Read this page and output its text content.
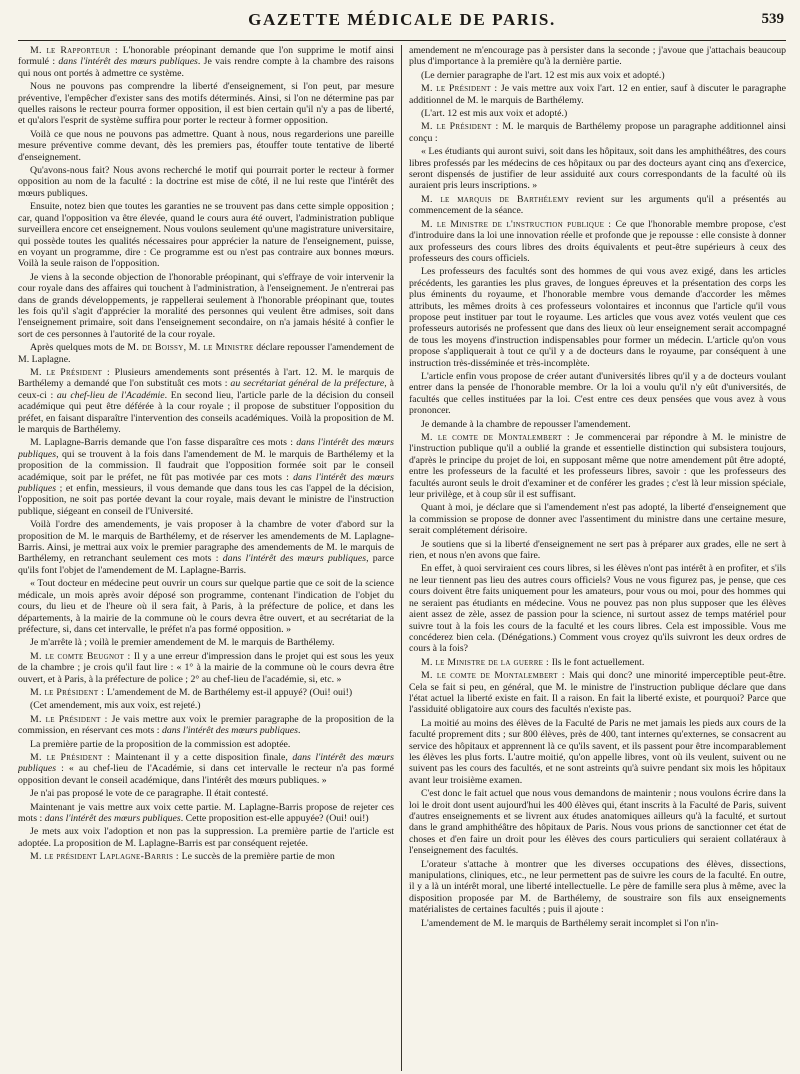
GAZETTE MÉDICALE DE PARIS.	539

M. le Rapporteur : L'honorable préopinant demande que l'on supprime le motif ainsi formulé : dans l'intérêt des mœurs publiques. Je vais rendre compte à la chambre des raisons qui nous ont portés à admettre ce système.

Nous ne pouvons pas comprendre la liberté d'enseignement, si l'on peut, par mesure préventive, l'empêcher d'exister sans des motifs déterminés. Ainsi, si l'on ne détermine pas par quelles raisons le recteur pourra former opposition, il est bien certain qu'il n'y a pas de liberté, et qu'alors l'esprit de système suffira pour porter le recteur à former opposition.

Voilà ce que nous ne pouvons pas admettre. Quant à nous, nous regarderions une pareille mesure préventive comme devant, dès les premiers pas, étouffer toute tentative de liberté d'enseignement.

Qu'avons-nous fait? Nous avons recherché le motif qui pourrait porter le recteur à former opposition au nom de la faculté : la doctrine est mise de côté, il ne lui reste que l'intérêt des mœurs publiques.

Ensuite, notez bien que toutes les garanties ne se trouvent pas dans cette simple opposition ; car, quand l'opposition va être élevée, quand le cours aura été ouvert, l'administration publique surveillera encore cet enseignement. Nous voulons seulement qu'une magistrature universitaire, qui possède toutes les qualités nécessaires pour apprécier la nature de l'enseignement, puisse, en voyant un programme, dire : Ce programme est ou n'est pas contraire aux bonnes mœurs. Voilà la seule raison de l'opposition.

Je viens à la seconde objection de l'honorable préopinant, qui s'effraye de voir intervenir la cour royale dans des affaires qui touchent à l'administration, à l'enseignement. Je n'entrerai pas dans de grands développements, je rappellerai seulement à l'honorable préopinant que, toutes les fois qu'il s'agit d'apprécier la moralité des personnes qui veulent être admises, soit dans l'enseignement primaire, soit dans l'enseignement secondaire, on n'a jamais hésité à confier le sort de ces personnes à l'autorité de la cour royale.

Après quelques mots de M. de Boissy, M. le Ministre déclare repousser l'amendement de M. Laplagne.

M. le Président : Plusieurs amendements sont présentés à l'art. 12. M. le marquis de Barthélemy a demandé que l'on substituât ces mots : au secrétariat général de la préfecture, à ceux-ci : au chef-lieu de l'Académie. En second lieu, l'article parle de la décision du conseil académique qui peut être déférée à la cour royale ; il propose de substituer l'opposition du préfet, en faisant disparaître l'intervention des conseils académiques. Voilà la proposition de M. le marquis de Barthélemy.

M. Laplagne-Barris demande que l'on fasse disparaître ces mots : dans l'intérêt des mœurs publiques, qui se trouvent à la fois dans l'amendement de M. le marquis de Barthélemy et la proposition de la commission. Il faudrait que l'opposition formée soit par le conseil académique, soit par le préfet, ne fût pas motivée par ces mots : dans l'intérêt des mœurs publiques ; et enfin, messieurs, il vous demande que dans tous les cas l'appel de la décision, l'opposition, ne soit pas portée devant la cour royale, mais devant le ministre de l'instruction publique, siégeant en conseil de l'Université.

Voilà l'ordre des amendements, je vais proposer à la chambre de voter d'abord sur la proposition de M. le marquis de Barthélemy, et de réserver les amendements de M. Laplagne-Barris. Ainsi, je mettrai aux voix le premier paragraphe des amendements de M. le marquis de Barthélemy, en retranchant seulement ces mots : dans l'intérêt des mœurs publiques, parce qu'ils font l'objet de l'amendement de M. Laplagne-Barris.

« Tout docteur en médecine peut ouvrir un cours sur quelque partie que ce soit de la science médicale, un mois après avoir déposé son programme, contenant l'indication de l'objet du cours, du lieu et de l'heure où il sera fait, à Paris, à la préfecture de police, et dans les départements, à la mairie de la commune où le cours devra être ouvert, et au secrétariat de la préfecture, si, dans cet intervalle, le préfet n'a pas formé opposition. »

Je m'arrête là ; voilà le premier amendement de M. le marquis de Barthélemy.

M. le comte Beugnot : Il y a une erreur d'impression dans le projet qui est sous les yeux de la chambre ; je crois qu'il faut lire : « 1° à la mairie de la commune où le cours devra être ouvert, et à Paris, à la préfecture de police ; 2° au chef-lieu de l'académie, si, etc. »

M. le Président : L'amendement de M. de Barthélemy est-il appuyé? (Oui! oui!)

(Cet amendement, mis aux voix, est rejeté.)

M. le Président : Je vais mettre aux voix le premier paragraphe de la proposition de la commission, en réservant ces mots : dans l'intérêt des mœurs publiques.

La première partie de la proposition de la commission est adoptée.

M. le Président : Maintenant il y a cette disposition finale, dans l'intérêt des mœurs publiques : « au chef-lieu de l'Académie, si dans cet intervalle le recteur n'a pas formé opposition devant le conseil académique, dans l'intérêt des mœurs publiques. »

Je n'ai pas proposé le vote de ce paragraphe. Il était contesté.

Maintenant je vais mettre aux voix cette partie. M. Laplagne-Barris propose de rejeter ces mots : dans l'intérêt des mœurs publiques. Cette proposition est-elle appuyée? (Oui! oui!)

Je mets aux voix l'adoption et non pas la suppression. La première partie de l'article est adoptée. La proposition de M. Laplagne-Barris est par conséquent rejetée.

M. le président Laplagne-Barris : Le succès de la première partie de mon

amendement ne m'encourage pas à persister dans la seconde ; j'avoue que j'attachais beaucoup plus d'importance à la première qu'à la dernière partie.

(Le dernier paragraphe de l'art. 12 est mis aux voix et adopté.)

M. le Président : Je vais mettre aux voix l'art. 12 en entier, sauf à discuter le paragraphe additionnel de M. le marquis de Barthélemy.

(L'art. 12 est mis aux voix et adopté.)

M. le Président : M. le marquis de Barthélemy propose un paragraphe additionnel ainsi conçu :

« Les étudiants qui auront suivi, soit dans les hôpitaux, soit dans les amphithéâtres, des cours libres professés par les médecins de ces hôpitaux ou par des docteurs ayant cinq ans d'exercice, seront dispensés de justifier de leur assiduité aux cours correspondants de la faculté où ils auraient pris leurs inscriptions. »

M. le marquis de Barthélemy revient sur les arguments qu'il a présentés au commencement de la séance.

M. le Ministre de l'instruction publique : Ce que l'honorable membre propose, c'est d'introduire dans la loi une innovation réelle et profonde que je repousse : elle consiste à donner aux professeurs des cours libres des droits équivalents et peut-être supérieurs à ceux des professeurs des cours officiels.

Les professeurs des facultés sont des hommes de qui vous avez exigé, dans les articles précédents, les garanties les plus graves, de longues épreuves et la présentation des corps les plus éminents du royaume, et l'honorable membre vous demande d'accorder les mêmes attributs, les mêmes droits à ces professeurs volontaires et inconnus que l'article qu'il vous propose peut instituer par tout le royaume. Les articles que vous avez votés veulent que ces professeurs autorisés ne professent que dans des lieux où leur enseignement serait accompagné de tous les moyens d'instruction indispensables pour former un médecin. L'article qu'on vous propose s'appliquerait à tout ce qu'il y a de docteurs dans le royaume, par conséquent à une instruction très-disséminée et très-incomplète.

L'article enfin vous propose de créer autant d'universités libres qu'il y a de docteurs voulant entrer dans la pensée de l'honorable membre. Or la loi a voulu qu'il n'y eût d'universités, de facultés que celles instituées par la loi. C'est entre ces deux pensées que vous avez à vous prononcer.

Je demande à la chambre de repousser l'amendement.

M. le comte de Montalembert : Je commencerai par répondre à M. le ministre de l'instruction publique qu'il a oublié la grande et essentielle distinction qui subsistera toujours, d'après le principe du projet de loi, en supposant même que notre amendement pût être adopté, entre les professeurs de la faculté et les professeurs libres, savoir : que les professeurs des facultés auront seuls le droit d'examiner et de conférer les grades ; c'est là leur mission spéciale, leur privilège, et à coup sûr il est suffisant.

Quant à moi, je déclare que si l'amendement n'est pas adopté, la liberté d'enseignement que la commission se propose de donner avec l'assentiment du ministre dans une certaine mesure, serait complétement dérisoire.

Je soutiens que si la liberté d'enseignement ne sert pas à préparer aux grades, elle ne sert à rien, et nous n'en avons que faire.

En effet, à quoi serviraient ces cours libres, si les élèves n'ont pas intérêt à en profiter, et s'ils ne leur tiennent pas lieu des autres cours officiels? Vous ne vous figurez pas, je pense, que ces cours doivent être faits uniquement pour les amateurs, pour vous ou moi, pour des hommes qui ne seraient pas étudiants en médecine. Vous ne pouvez pas non plus supposer que les élèves aient assez de zèle, assez de passion pour la science, ni surtout assez de temps matériel pour suivre tout à la fois les cours de la faculté et les cours libres. Cela est impossible. Vous me concéderez bien cela. (Dénégations.) Comment vous croyez qu'ils suivront les deux ordres de cours à la fois?

M. le Ministre de la guerre : Ils le font actuellement.

M. le comte de Montalembert : Mais qui donc? une minorité imperceptible peut-être. Cela se fait si peu, en général, que M. le ministre de l'instruction publique déclare que dans l'état actuel la liberté existe en fait. Il a raison. En fait la liberté existe, et pourquoi? Parce que l'assiduité obligatoire aux cours des facultés n'existe pas.

La moitié au moins des élèves de la Faculté de Paris ne met jamais les pieds aux cours de la faculté proprement dits ; sur 800 élèves, près de 400, tant internes qu'externes, se consacrent au service des hôpitaux et apprennent là ce qu'ils savent, et ils passent pour être incomparablement les élèves les plus forts. L'autre moitié, qu'on appelle libres, vont où ils veulent, suivent ou ne suivent pas les cours des facultés, et ne sont astreints qu'à suivre pendant six mois les hôpitaux avant leur troisième examen.

C'est donc le fait actuel que nous vous demandons de maintenir ; nous voulons écrire dans la loi le droit dont usent aujourd'hui les 400 élèves qui, étant inscrits à la Faculté de Paris, suivent d'autres enseignements et se livrent aux études anatomiques ailleurs qu'à la faculté, et surtout dans le grand amphithéâtre des hôpitaux de Paris. Nous vous prions de sanctionner cet état de choses et d'en faire un droit pour les élèves des cours particuliers qui seraient collatéraux à l'enseignement des facultés.

L'orateur s'attache à montrer que les diverses occupations des élèves, dissections, manipulations, cliniques, etc., ne leur permettent pas de suivre les cours de la faculté. En outre, il y a là un intérêt moral, une liberté intellectuelle. Le père de famille sera plus à même, avec la disposition proposée par M. de Barthélemy, de soustraire son fils aux enseignements matérialistes de certaines facultés ; puis il ajoute :

L'amendement de M. le marquis de Barthélemy serait incomplet si l'on n'in-
